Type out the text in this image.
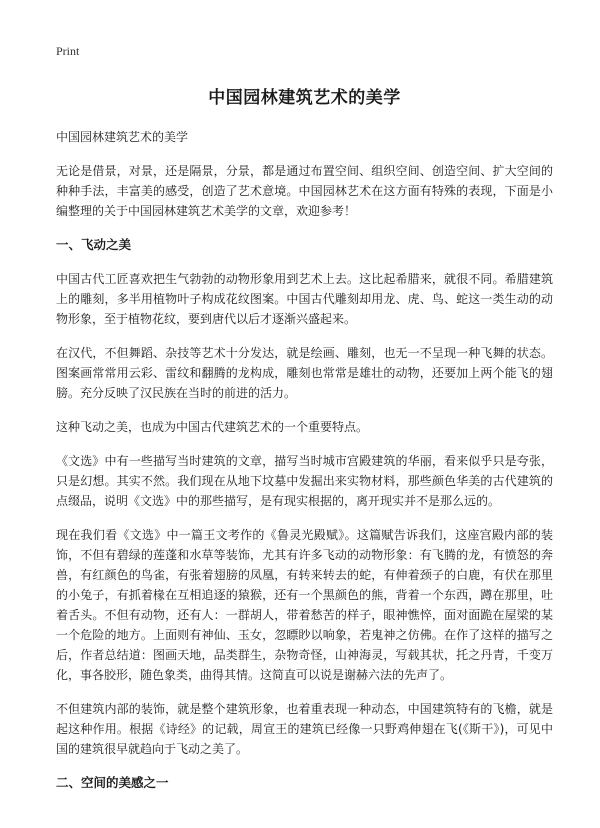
Print
中国园林建筑艺术的美学
中国园林建筑艺术的美学

无论是借景，对景，还是隔景，分景，都是通过布置空间、组织空间、创造空间、扩大空间的种种手法，丰富美的感受，创造了艺术意境。中国园林艺术在这方面有特殊的表现，下面是小编整理的关于中国园林建筑艺术美学的文章，欢迎参考！

一、飞动之美

中国古代工匠喜欢把生气勃勃的动物形象用到艺术上去。这比起希腊来，就很不同。希腊建筑上的雕刻，多半用植物叶子构成花纹图案。中国古代雕刻却用龙、虎、鸟、蛇这一类生动的动物形象，至于植物花纹，要到唐代以后才逐渐兴盛起来。

在汉代，不但舞蹈、杂技等艺术十分发达，就是绘画、雕刻，也无一不呈现一种飞舞的状态。图案画常常用云彩、雷纹和翻腾的龙构成，雕刻也常常是雄壮的动物，还要加上两个能飞的翅膀。充分反映了汉民族在当时的前进的活力。

这种飞动之美，也成为中国古代建筑艺术的一个重要特点。

《文选》中有一些描写当时建筑的文章，描写当时城市宫殿建筑的华丽，看来似乎只是夸张，只是幻想。其实不然。我们现在从地下坟墓中发掘出来实物材料，那些颜色华美的古代建筑的点缀品，说明《文选》中的那些描写，是有现实根据的，离开现实并不是那么远的。

现在我们看《文选》中一篇王文考作的《鲁灵光殿赋》。这篇赋告诉我们，这座宫殿内部的装饰，不但有碧绿的莲蓬和水草等装饰，尤其有许多飞动的动物形象：有飞腾的龙，有愤怒的奔兽，有红颜色的鸟雀，有张着翅膀的凤凰，有转来转去的蛇，有伸着颈子的白鹿，有伏在那里的小兔子，有抓着椽在互相追逐的猿猴，还有一个黑颜色的熊，背着一个东西，蹲在那里，吐着舌头。不但有动物，还有人：一群胡人，带着愁苦的样子，眼神憔悴，面对面跪在屋梁的某一个危险的地方。上面则有神仙、玉女，忽瞟眇以响象，若鬼神之仿佛。在作了这样的描写之后，作者总结道：图画天地，品类群生，杂物奇怪，山神海灵，写载其状，托之丹青，千变万化，事各胶形，随色象类，曲得其情。这简直可以说是谢赫六法的先声了。

不但建筑内部的装饰，就是整个建筑形象，也着重表现一种动态，中国建筑特有的飞檐，就是起这种作用。根据《诗经》的记载，周宣王的建筑已经像一只野鸡伸翅在飞(《斯干》)，可见中国的建筑很早就趋向于飞动之美了。

二、空间的美感之一
